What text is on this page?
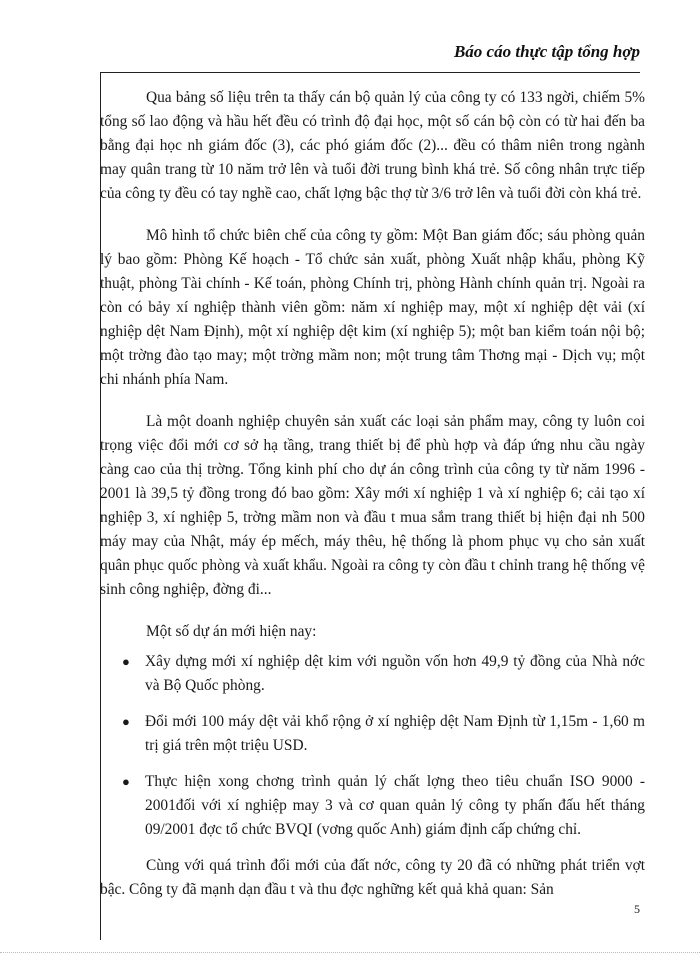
Báo cáo thực tập tổng hợp

Qua bảng số liệu trên ta thấy cán bộ quản lý của công ty có 133 ngời, chiếm 5% tổng số lao động và hầu hết đều có trình độ đại học, một số cán bộ còn có từ hai đến ba bằng đại học nh giám đốc (3), các phó giám đốc (2)... đều có thâm niên trong ngành may quân trang từ 10 năm trở lên và tuổi đời trung bình khá trẻ. Số công nhân trực tiếp của công ty đều có tay nghề cao, chất lợng bậc thợ từ 3/6 trở lên và tuổi đời còn khá trẻ.

Mô hình tổ chức biên chế của công ty gồm: Một Ban giám đốc; sáu phòng quản lý bao gồm: Phòng Kế hoạch - Tổ chức sản xuất, phòng Xuất nhập khẩu, phòng Kỹ thuật, phòng Tài chính - Kế toán, phòng Chính trị, phòng Hành chính quản trị. Ngoài ra còn có bảy xí nghiệp thành viên gồm: năm xí nghiệp may, một xí nghiệp dệt vải (xí nghiệp dệt Nam Định), một xí nghiệp dệt kim (xí nghiệp 5); một ban kiểm toán nội bộ; một trờng đào tạo may; một trờng mầm non; một trung tâm Thơng mại - Dịch vụ; một chi nhánh phía Nam.

Là một doanh nghiệp chuyên sản xuất các loại sản phẩm may, công ty luôn coi trọng việc đổi mới cơ sở hạ tầng, trang thiết bị để phù hợp và đáp ứng nhu cầu ngày càng cao của thị trờng. Tổng kinh phí cho dự án công trình của công ty từ năm 1996 - 2001 là 39,5 tỷ đồng trong đó bao gồm: Xây mới xí nghiệp 1 và xí nghiệp 6; cải tạo xí nghiệp 3, xí nghiệp 5, trờng mầm non và đầu t mua sắm trang thiết bị hiện đại nh 500 máy may của Nhật, máy ép mếch, máy thêu, hệ thống là phom phục vụ cho sản xuất quân phục quốc phòng và xuất khẩu. Ngoài ra công ty còn đầu t chỉnh trang hệ thống vệ sinh công nghiệp, đờng đi...

Một số dự án mới hiện nay:

● Xây dựng mới xí nghiệp dệt kim với nguồn vốn hơn 49,9 tỷ đồng của Nhà nớc và Bộ Quốc phòng.
● Đổi mới 100 máy dệt vải khổ rộng ở xí nghiệp dệt Nam Định từ 1,15m - 1,60 m trị giá trên một triệu USD.
● Thực hiện xong chơng trình quản lý chất lợng theo tiêu chuẩn ISO 9000 - 2001đối với xí nghiệp may 3 và cơ quan quản lý công ty phấn đấu hết tháng 09/2001 đợc tổ chức BVQI (vơng quốc Anh) giám định cấp chứng chỉ.

Cùng với quá trình đổi mới của đất nớc, công ty 20 đã có những phát triển vợt bậc. Công ty đã mạnh dạn đầu t và thu đợc nghững kết quả khả quan: Sản

5
